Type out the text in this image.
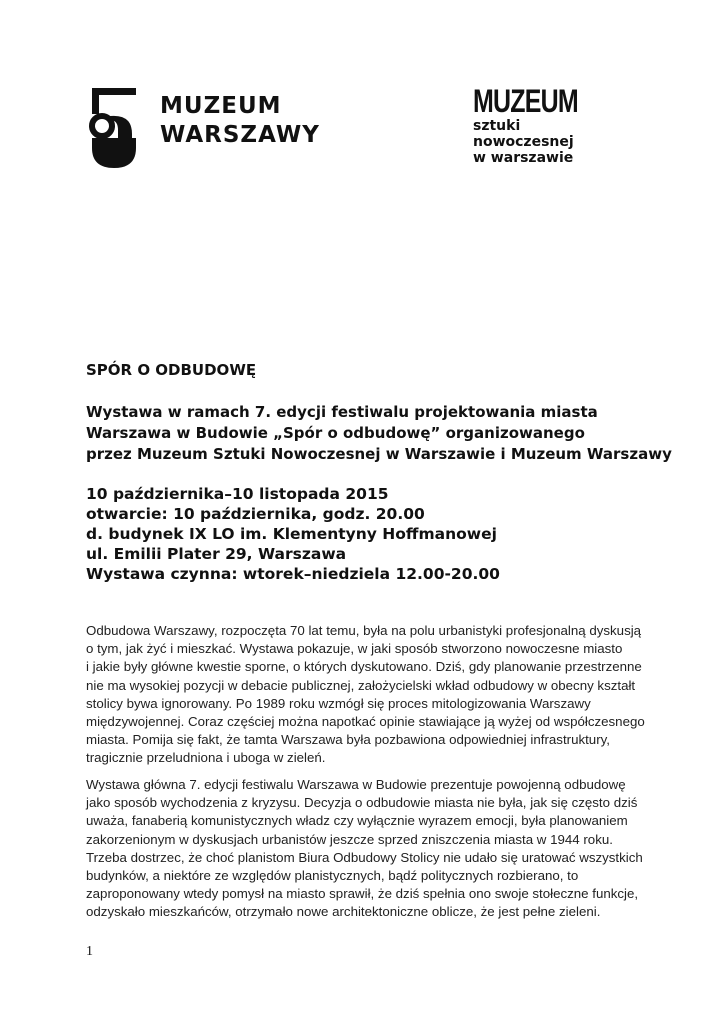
MUZEUM
WARSZAWY
MUZEUM
sztuki
nowoczesnej
w warszawie
SPÓR O ODBUDOWĘ
Wystawa w ramach 7. edycji festiwalu projektowania miasta
Warszawa w Budowie „Spór o odbudowę” organizowanego
przez Muzeum Sztuki Nowoczesnej w Warszawie i Muzeum Warszawy
10 października–10 listopada 2015
otwarcie: 10 października, godz. 20.00
d. budynek IX LO im. Klementyny Hoffmanowej
ul. Emilii Plater 29, Warszawa
Wystawa czynna: wtorek–niedziela 12.00-20.00
Odbudowa Warszawy, rozpoczęta 70 lat temu, była na polu urbanistyki profesjonalną dyskusją
o tym, jak żyć i mieszkać. Wystawa pokazuje, w jaki sposób stworzono nowoczesne miasto
i jakie były główne kwestie sporne, o których dyskutowano. Dziś, gdy planowanie przestrzenne
nie ma wysokiej pozycji w debacie publicznej, założycielski wkład odbudowy w obecny kształt
stolicy bywa ignorowany. Po 1989 roku wzmógł się proces mitologizowania Warszawy
międzywojennej. Coraz częściej można napotkać opinie stawiające ją wyżej od współczesnego
miasta. Pomija się fakt, że tamta Warszawa była pozbawiona odpowiedniej infrastruktury,
tragicznie przeludniona i uboga w zieleń.
Wystawa główna 7. edycji festiwalu Warszawa w Budowie prezentuje powojenną odbudowę
jako sposób wychodzenia z kryzysu. Decyzja o odbudowie miasta nie była, jak się często dziś
uważa, fanaberią komunistycznych władz czy wyłącznie wyrazem emocji, była planowaniem
zakorzenionym w dyskusjach urbanistów jeszcze sprzed zniszczenia miasta w 1944 roku.
Trzeba dostrzec, że choć planistom Biura Odbudowy Stolicy nie udało się uratować wszystkich
budynków, a niektóre ze względów planistycznych, bądź politycznych rozbierano, to
zaproponowany wtedy pomysł na miasto sprawił, że dziś spełnia ono swoje stołeczne funkcje,
odzyskało mieszkańców, otrzymało nowe architektoniczne oblicze, że jest pełne zieleni.
1
